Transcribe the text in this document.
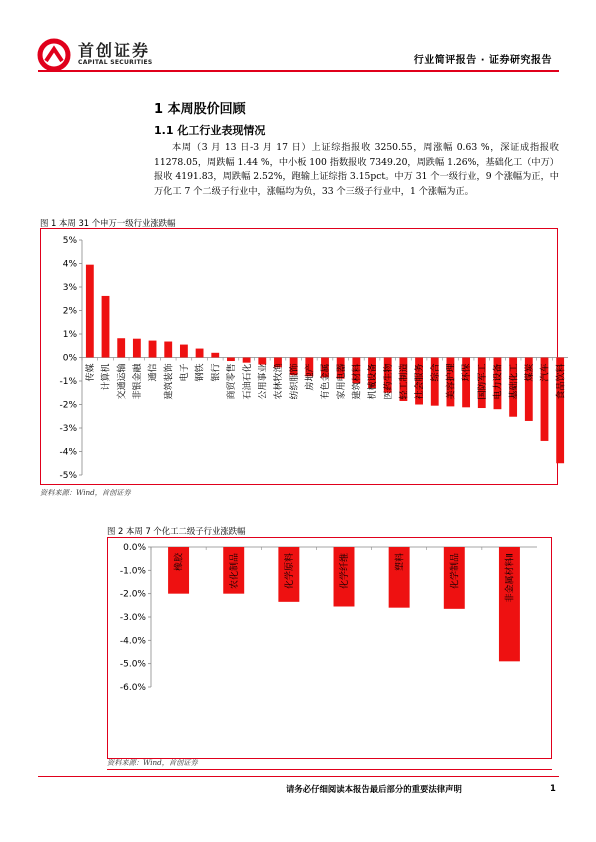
首创证券
CAPITAL SECURITIES	行业简评报告 · 证券研究报告
1 本周股价回顾
1.1 化工行业表现情况
本周（3 月 13 日-3 月 17 日）上证综指报收 3250.55，周涨幅 0.63 %，深证成指报收 11278.05，周跌幅 1.44 %，中小板 100 指数报收 7349.20，周跌幅 1.26%，基础化工（中万）报收 4191.83，周跌幅 2.52%，跑输上证综指 3.15pct。中万 31 个一级行业，9 个涨幅为正，中万化工 7 个二级子行业中，涨幅均为负，33 个三级子行业中，1 个涨幅为正。
图 1 本周 31 个申万一级行业涨跌幅
5%
4%
3%
2%
1%
0%
-1%
-2%
-3%
-4%
-5%
传媒 计算机 交通运输 非银金融 通信 建筑装饰 电子 钢铁 银行 商贸零售 石油石化 公用事业 农林牧渔 纺织服饰 房地产 有色金属 家用电器 建筑材料 机械设备 医药生物 轻工制造 社会服务 综合 美容护理 环保 国防军工 电力设备 基础化工 煤炭 汽车 食品饮料
资料来源：Wind，首创证券
图 2 本周 7 个化工二级子行业涨跌幅
0.0%
-1.0%
-2.0%
-3.0%
-4.0%
-5.0%
-6.0%
橡胶	农化制品	化学原料	化学纤维	塑料	化学制品	非金属材料Ⅱ
资料来源：Wind，首创证券
请务必仔细阅读本报告最后部分的重要法律声明	1
